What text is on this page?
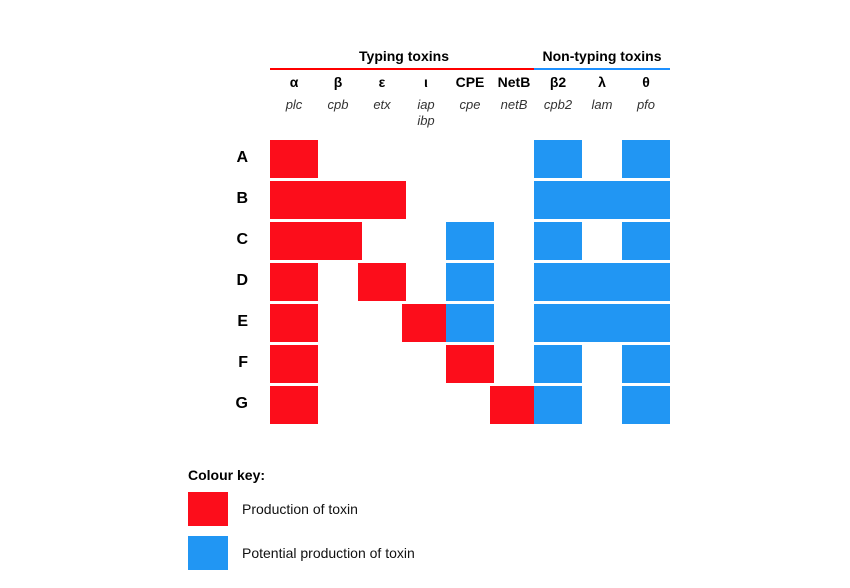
Typing toxins	Non-typing toxins
α
plc
β
cpb
ε
etx
ι
iap
ibp
CPE
cpe
NetB
netB
β2
cpb2
λ
lam
θ
pfo
A
B
C
D
E
F
G
Colour key:
Production of toxin
Potential production of toxin
